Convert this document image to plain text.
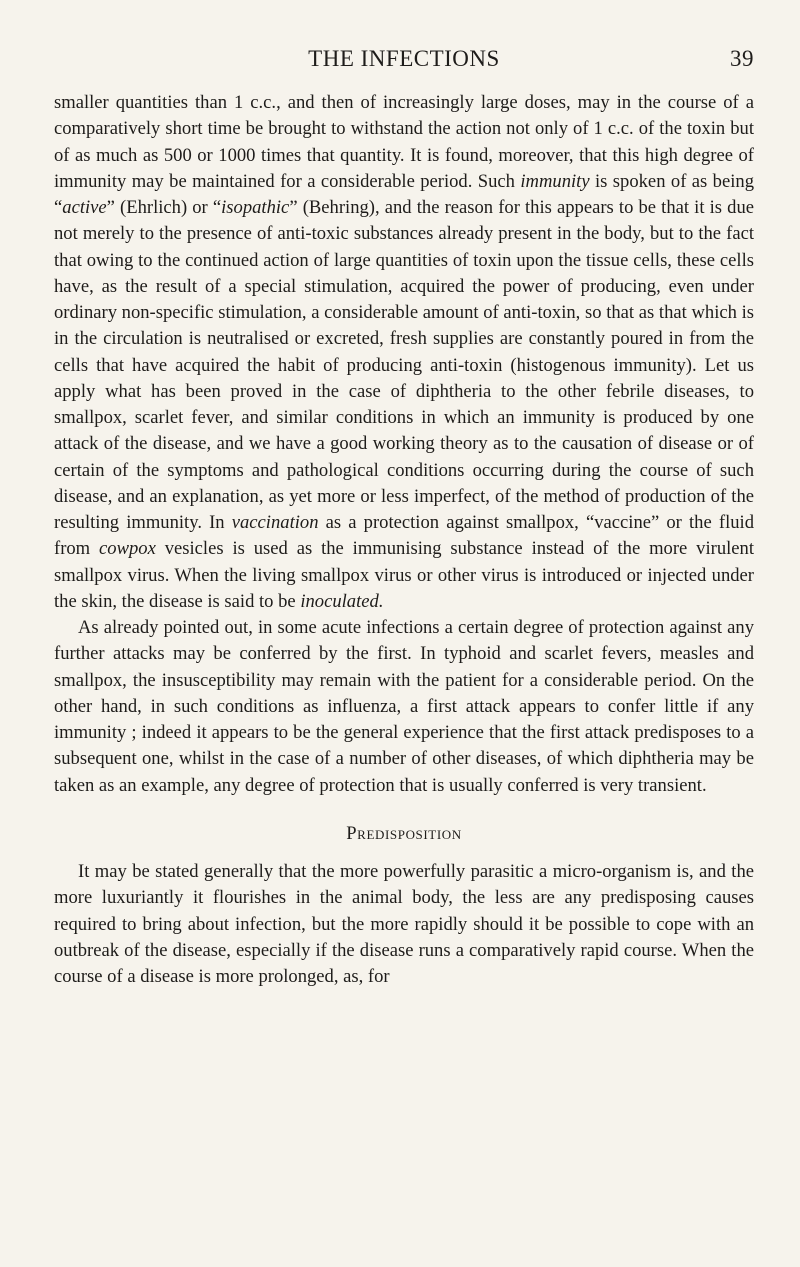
THE INFECTIONS	39

smaller quantities than 1 c.c., and then of increasingly large doses, may in the course of a comparatively short time be brought to withstand the action not only of 1 c.c. of the toxin but of as much as 500 or 1000 times that quantity. It is found, moreover, that this high degree of immunity may be maintained for a considerable period. Such immunity is spoken of as being “active” (Ehrlich) or “isopathic” (Behring), and the reason for this appears to be that it is due not merely to the presence of anti-toxic substances already present in the body, but to the fact that owing to the continued action of large quantities of toxin upon the tissue cells, these cells have, as the result of a special stimulation, acquired the power of producing, even under ordinary non-specific stimulation, a considerable amount of anti-toxin, so that as that which is in the circulation is neutralised or excreted, fresh supplies are constantly poured in from the cells that have acquired the habit of producing anti-toxin (histogenous immunity). Let us apply what has been proved in the case of diphtheria to the other febrile diseases, to smallpox, scarlet fever, and similar conditions in which an immunity is produced by one attack of the disease, and we have a good working theory as to the causation of disease or of certain of the symptoms and pathological conditions occurring during the course of such disease, and an explanation, as yet more or less imperfect, of the method of production of the resulting immunity. In vaccination as a protection against smallpox, “vaccine” or the fluid from cowpox vesicles is used as the immunising substance instead of the more virulent smallpox virus. When the living smallpox virus or other virus is introduced or injected under the skin, the disease is said to be inoculated.

As already pointed out, in some acute infections a certain degree of protection against any further attacks may be conferred by the first. In typhoid and scarlet fevers, measles and smallpox, the insusceptibility may remain with the patient for a considerable period. On the other hand, in such conditions as influenza, a first attack appears to confer little if any immunity ; indeed it appears to be the general experience that the first attack predisposes to a subsequent one, whilst in the case of a number of other diseases, of which diphtheria may be taken as an example, any degree of protection that is usually conferred is very transient.

Predisposition

It may be stated generally that the more powerfully parasitic a micro-organism is, and the more luxuriantly it flourishes in the animal body, the less are any predisposing causes required to bring about infection, but the more rapidly should it be possible to cope with an outbreak of the disease, especially if the disease runs a comparatively rapid course. When the course of a disease is more prolonged, as, for
